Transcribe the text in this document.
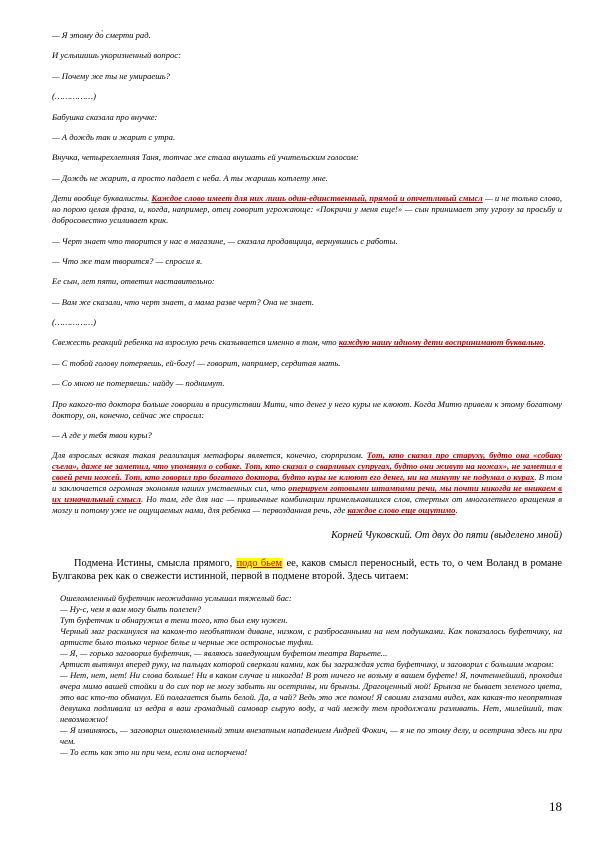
— Я этому до̀ смерти рад.

И услышишь укоризненный вопрос:

— Почему же ты не умираешь?

(……………)

Бабушка сказала про внучке:

— А дождь так и жарит с утра.

Внучка, четырехлетняя Таня, тотчас же стала внушать ей учительским голосом:

— Дождь не жарит, а просто падает с неба. А ты жаришь котлету мне.

Дети вообще буквалисты. Каждое слово имеет для них лишь один-единственный, прямой и отчетливый смысл — и не только слово, но порою целая фраза, и, когда, например, отец говорит угрожающе: «Покричи у меня еще!» — сын принимает эту угрозу за просьбу и добросовестно усиливает крик.

— Черт знает что творится у нас в магазине, — сказала продавщица, вернувшись с работы.

— Что же там творится? — спросил я.

Ее сын, лет пяти, ответил наставительно:

— Вам же сказали, что черт знает, а мама разве черт? Она не знает.

(……………)

Свежесть реакций ребенка на взрослую речь сказывается именно в том, что каждую нашу идиому дети воспринимают буквально.

— С тобой голову потеряешь, ей-богу! — говорит, например, сердитая мать.

— Со мною не потеряешь: найду — поднимут.

Про какого-то доктора больше говорили в присутствии Мити, что денег у него куры не клюют. Когда Митю привели к этому богатому доктору, он, конечно, сейчас же спросил:

— А где у тебя твои куры?

Для взрослых всякая такая реализация метафоры является, конечно, сюрпризом. Тот, кто сказал про старуху, будто она «собаку съела», даже не заметил, что упомянул о собаке. Тот, кто сказал о сварливых супругах, будто они живут на ножах», не заметил в своей речи ножей. Тот, кто говорил про богатого доктора, будто куры не клюют его денег, ни на минуту не подумал о курах. В том и заключается огромная экономия наших умственных сил, что оперируем готовыми штампами речи, мы почти никогда не вникаем в их изначальный смысл. Но там, где для нас — привычные комбинации примелькавшихся слов, стертых от многолетнего вращения в мозгу и потому уже не ощущаемых нами, для ребенка — первозданная речь, где каждое слово еще ощутимо.

Корней Чуковский. От двух до пяти (выделено мной)

Подмена Истины, смысла прямого, подо бьем ее, каков смысл переносный, есть то, о чем Воланд в романе Булгакова рек как о свежести истинной, первой в подмене второй. Здесь читаем:

Ошеломленный буфетчик неожиданно услышал тяжелый бас:

— Ну-с, чем я вам могу быть полезен?

Тут буфетчик и обнаружил в тени того, кто был ему нужен.

Черный маг раскинулся на каком-то необъятном диване, низком, с разбросанными на нем подушками. Как показалось буфетчику, на артисте было только черное белье и черные же остроносые туфли.

— Я, — горько заговорил буфетчик, — являюсь заведующим буфетом театра Варьете...

Артист вытянул вперед руку, на пальцах которой сверкали камни, как бы заграждая уста буфетчику, и заговорил с большим жаром:

— Нет, нет, нет! Ни слова больше! Ни в каком случае и никогда! В рот ничего не возьму в вашем буфете! Я, почтеннейший, проходил вчера мимо вашей стойки и до сих пор не могу забыть ни осетрины, ни брынзы. Драгоценный мой! Брынза не бывает зеленого цвета, это вас кто-то обманул. Ей полагается быть белой. Да, а чай? Ведь это же помои! Я своими глазами видел, как какая-то неопрятная девушка подливала из ведра в ваш громадный самовар сырую воду, а чай между тем продолжали разливать. Нет, милейший, так невозможно!

— Я извиняюсь, — заговорил ошеломленный этим внезапным нападением Андрей Фокич, — я не по этому делу, и осетрина здесь ни при чем.

— То есть как это ни при чем, если она испорчена!

18
